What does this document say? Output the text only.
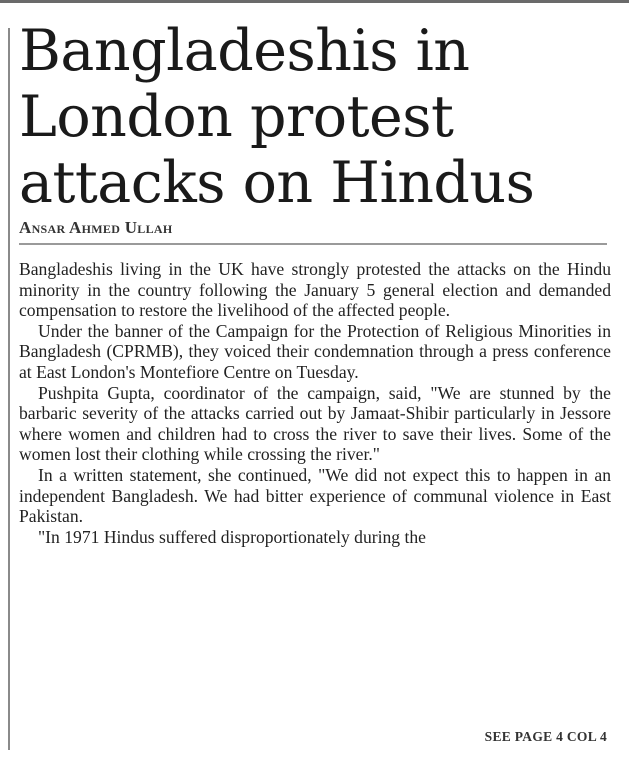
Bangladeshis in
London protest
attacks on Hindus
Ansar Ahmed Ullah

Bangladeshis living in the UK have strongly protested the attacks on the Hindu minority in the country following the January 5 general election and demanded compensation to restore the livelihood of the affected people.

Under the banner of the Campaign for the Protection of Religious Minorities in Bangladesh (CPRMB), they voiced their condemnation through a press conference at East London's Montefiore Centre on Tuesday.

Pushpita Gupta, coordinator of the campaign, said, "We are stunned by the barbaric severity of the attacks carried out by Jamaat-Shibir particularly in Jessore where women and children had to cross the river to save their lives. Some of the women lost their clothing while crossing the river."

In a written statement, she continued, "We did not expect this to happen in an independent Bangladesh. We had bitter experience of communal violence in East Pakistan.

"In 1971 Hindus suffered disproportionately during the

SEE PAGE 4 COL 4
